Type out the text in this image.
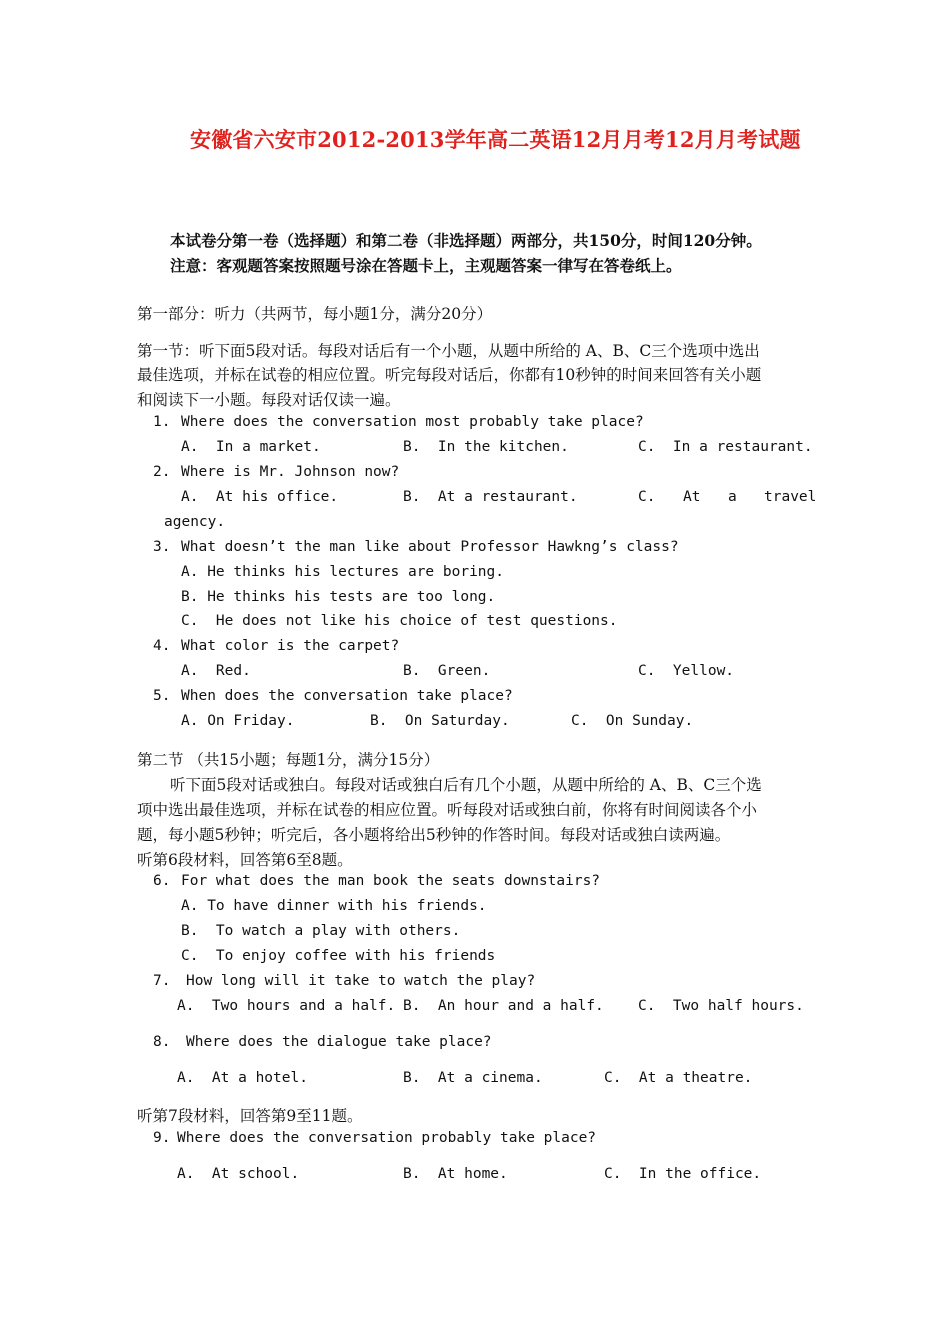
安徽省六安市2012-2013学年高二英语12月月考12月月考试题
本试卷分第一卷（选择题）和第二卷（非选择题）两部分，共150分，时间120分钟。
注意：客观题答案按照题号涂在答题卡上，主观题答案一律写在答卷纸上。
第一部分：听力（共两节，每小题1分，满分20分）
第一节：听下面5段对话。每段对话后有一个小题，从题中所给的 A、B、C三个选项中选出
最佳选项，并标在试卷的相应位置。听完每段对话后，你都有10秒钟的时间来回答有关小题
和阅读下一小题。每段对话仅读一遍。
1. Where does the conversation most probably take place?
A.  In a market.	B.  In the kitchen.	C.  In a restaurant.
2. Where is Mr. Johnson now?
A.  At his office.	B.  At a restaurant.	C. At a travel
agency.
3. What doesn’t the man like about Professor Hawkng’s class?
A. He thinks his lectures are boring.
B. He thinks his tests are too long.
C.  He does not like his choice of test questions.
4. What color is the carpet?
A.  Red.	B.  Green.	C.  Yellow.
5. When does the conversation take place?
A. On Friday.	B.  On Saturday.	C.  On Sunday.
第二节 （共15小题；每题1分，满分15分）
听下面5段对话或独白。每段对话或独白后有几个小题，从题中所给的 A、B、C三个选
项中选出最佳选项，并标在试卷的相应位置。听每段对话或独白前，你将有时间阅读各个小
题，每小题5秒钟；听完后，各小题将给出5秒钟的作答时间。每段对话或独白读两遍。
听第6段材料，回答第6至8题。
6. For what does the man book the seats downstairs?
A. To have dinner with his friends.
B.  To watch a play with others.
C.  To enjoy coffee with his friends
7. How long will it take to watch the play?
A.  Two hours and a half. B.  An hour and a half. C.  Two half hours.
8. Where does the dialogue take place?
A.  At a hotel.	B.  At a cinema.	C.  At a theatre.
听第7段材料，回答第9至11题。
9. Where does the conversation probably take place?
A.  At school.	B.  At home.	C.  In the office.
